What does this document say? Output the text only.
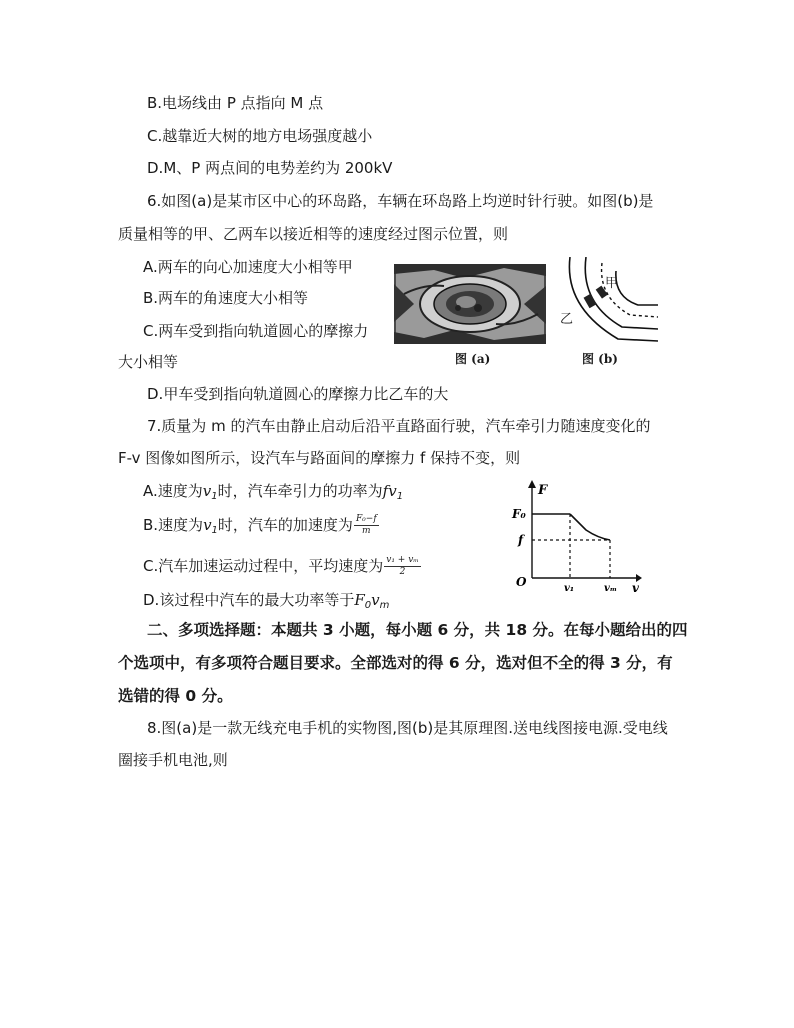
B.电场线由 P 点指向 M 点
C.越靠近大树的地方电场强度越小
D.M、P 两点间的电势差约为 200kV
6.如图(a)是某市区中心的环岛路，车辆在环岛路上均逆时针行驶。如图(b)是
质量相等的甲、乙两车以接近相等的速度经过图示位置，则
A.两车的向心加速度大小相等甲
B.两车的角速度大小相等
C.两车受到指向轨道圆心的摩擦力
大小相等
D.甲车受到指向轨道圆心的摩擦力比乙车的大
图 (a)
甲
乙
图 (b)
7.质量为 m 的汽车由静止启动后沿平直路面行驶，汽车牵引力随速度变化的
F-v 图像如图所示，设汽车与路面间的摩擦力 f 保持不变，则
A.速度为$v_1$时，汽车牵引力的功率为$fv_1$
B.速度为$v_1$时，汽车的加速度为 $\frac{\text{F₀−f}}{m}$
C.汽车加速运动过程中，平均速度为 $\frac{\text{v₁ + vₘ}}{2}$
D.该过程中汽车的最大功率等于$F_0v_m$
F
v
F₀
f
O	v₁	vₘ
二、多项选择题：本题共 3 小题，每小题 6 分，共 18 分。在每小题给出的四
个选项中，有多项符合题目要求。全部选对的得 6 分，选对但不全的得 3 分，有
选错的得 0 分。
8.图(a)是一款无线充电手机的实物图,图(b)是其原理图.送电线图接电源.受电线
圈接手机电池,则
